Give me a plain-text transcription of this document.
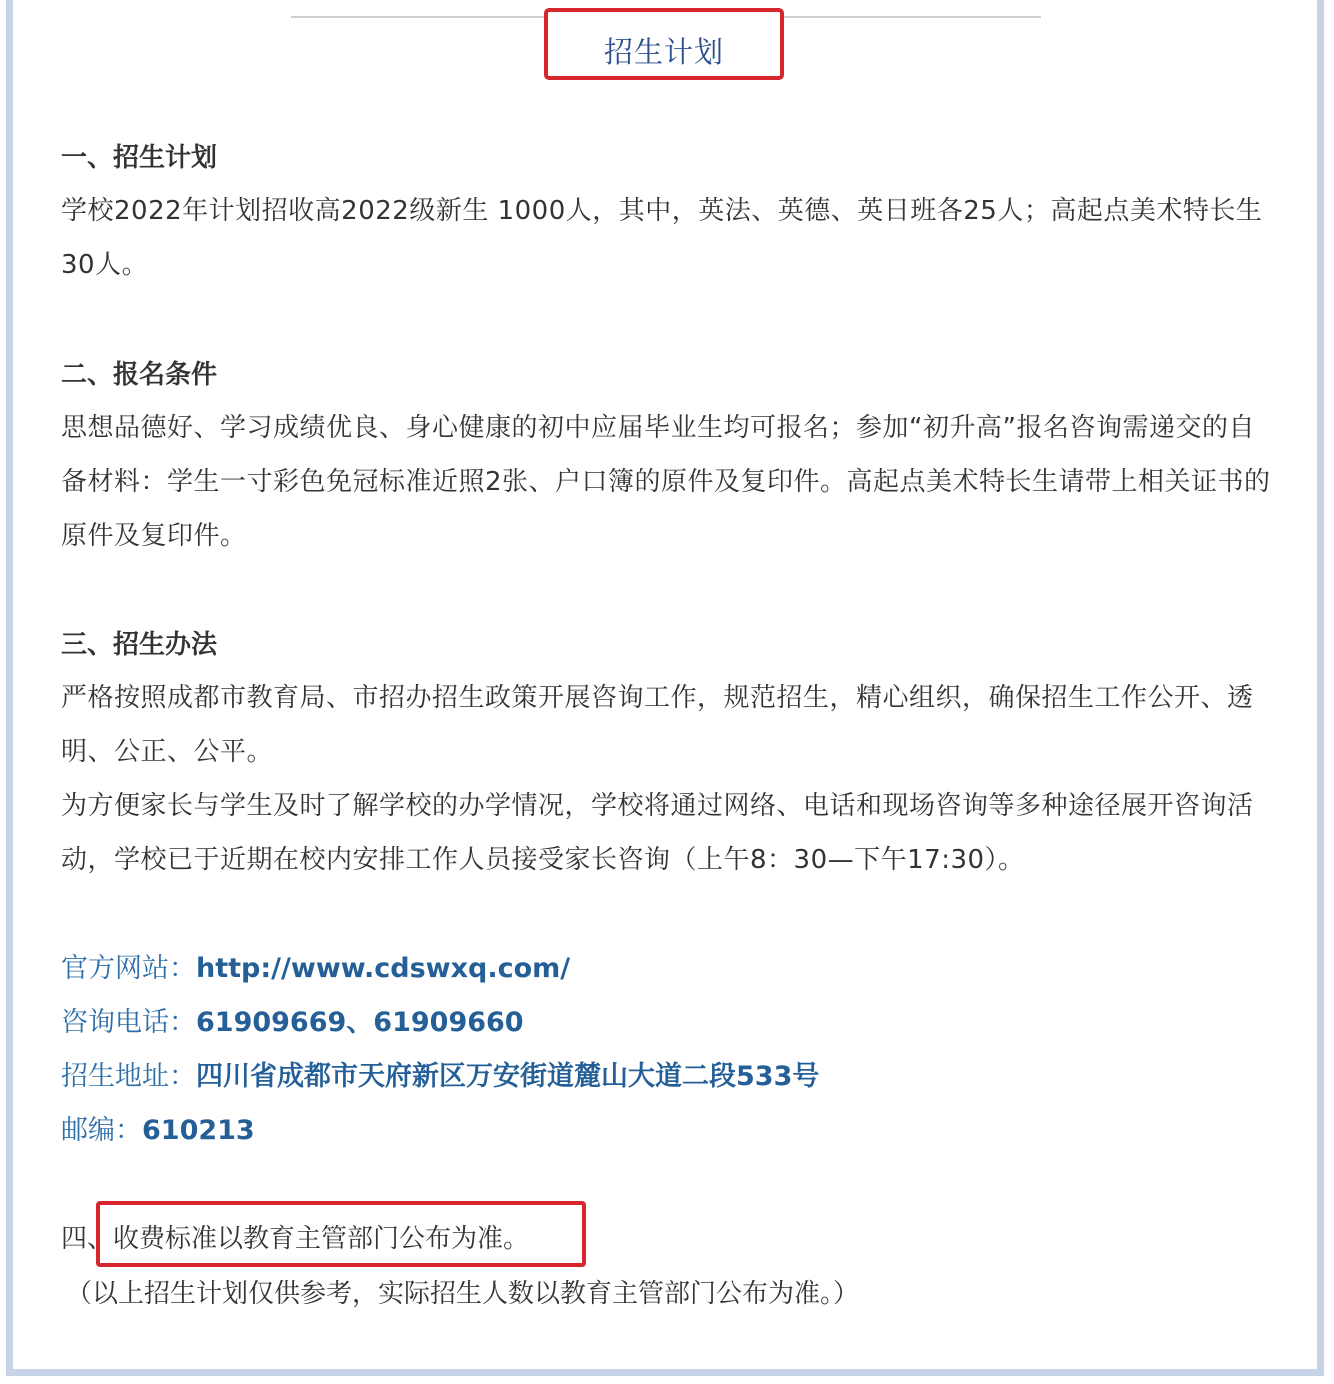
招生计划
一、招生计划
学校2022年计划招收高2022级新生 1000人，其中，英法、英德、英日班各25人；高起点美术特长生30人。
二、报名条件
思想品德好、学习成绩优良、身心健康的初中应届毕业生均可报名；参加“初升高”报名咨询需递交的自备材料：学生一寸彩色免冠标准近照2张、户口簿的原件及复印件。高起点美术特长生请带上相关证书的原件及复印件。
三、招生办法
严格按照成都市教育局、市招办招生政策开展咨询工作，规范招生，精心组织，确保招生工作公开、透明、公正、公平。
为方便家长与学生及时了解学校的办学情况，学校将通过网络、电话和现场咨询等多种途径展开咨询活动，学校已于近期在校内安排工作人员接受家长咨询（上午8：30—下午17:30）。
官方网站：http://www.cdswxq.com/
咨询电话：61909669、61909660
招生地址：四川省成都市天府新区万安街道麓山大道二段533号
邮编：610213
四、收费标准以教育主管部门公布为准。
（以上招生计划仅供参考，实际招生人数以教育主管部门公布为准。）
